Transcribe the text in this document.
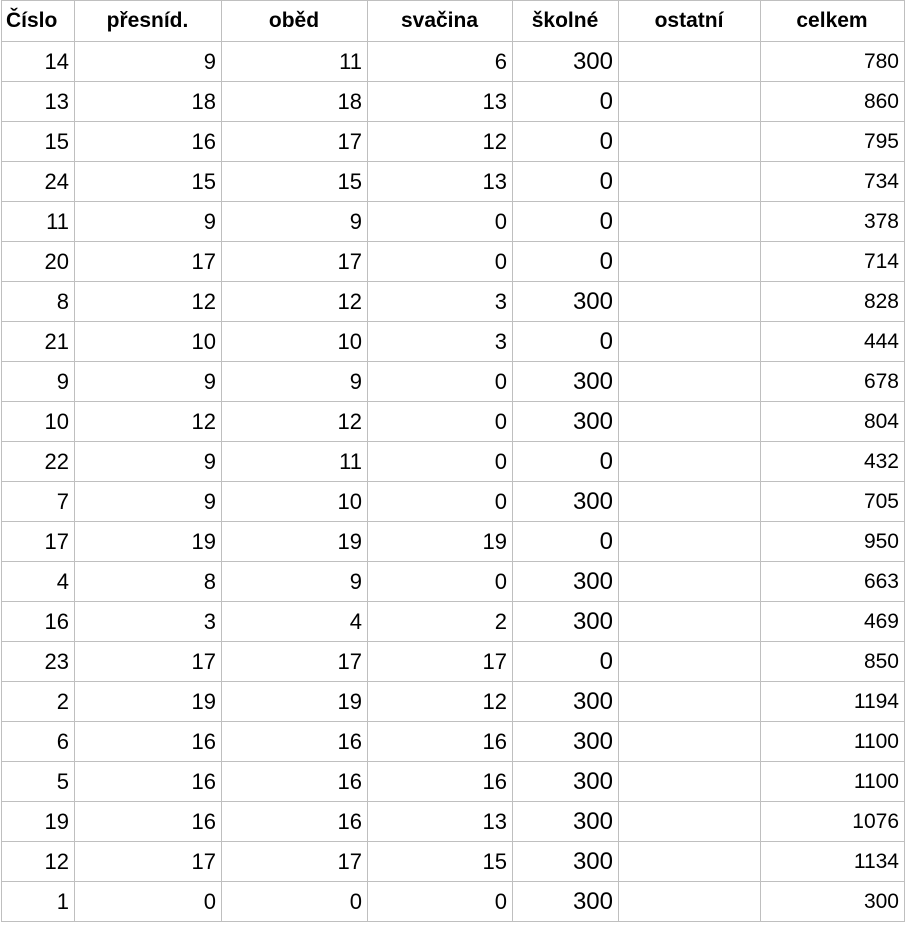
Číslo	přesníd.	oběd	svačina	školné	ostatní	celkem
14	9	11	6	300		780
13	18	18	13	0		860
15	16	17	12	0		795
24	15	15	13	0		734
11	9	9	0	0		378
20	17	17	0	0		714
8	12	12	3	300		828
21	10	10	3	0		444
9	9	9	0	300		678
10	12	12	0	300		804
22	9	11	0	0		432
7	9	10	0	300		705
17	19	19	19	0		950
4	8	9	0	300		663
16	3	4	2	300		469
23	17	17	17	0		850
2	19	19	12	300		1194
6	16	16	16	300		1100
5	16	16	16	300		1100
19	16	16	13	300		1076
12	17	17	15	300		1134
1	0	0	0	300		300
